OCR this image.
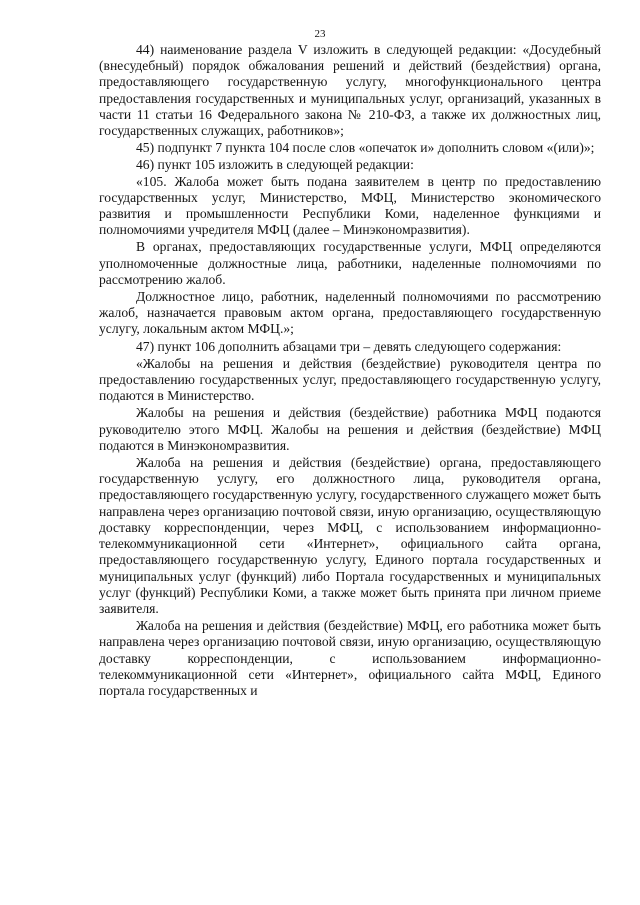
23

44) наименование раздела V изложить в следующей редакции: «Досудебный (внесудебный) порядок обжалования решений и действий (бездействия) органа, предоставляющего государственную услугу, многофункционального центра предоставления государственных и муниципальных услуг, организаций, указанных в части 11 статьи 16 Федерального закона № 210-ФЗ, а также их должностных лиц, государственных служащих, работников»;

45) подпункт 7 пункта 104 после слов «опечаток и» дополнить словом «(или)»;

46) пункт 105 изложить в следующей редакции:

«105. Жалоба может быть подана заявителем в центр по предоставлению государственных услуг, Министерство, МФЦ, Министерство экономического развития и промышленности Республики Коми, наделенное функциями и полномочиями учредителя МФЦ (далее – Минэкономразвития).

В органах, предоставляющих государственные услуги, МФЦ определяются уполномоченные должностные лица, работники, наделенные полномочиями по рассмотрению жалоб.

Должностное лицо, работник, наделенный полномочиями по рассмотрению жалоб, назначается правовым актом органа, предоставляющего государственную услугу, локальным актом МФЦ.»;

47) пункт 106 дополнить абзацами три – девять следующего содержания:

«Жалобы на решения и действия (бездействие) руководителя центра по предоставлению государственных услуг, предоставляющего государственную услугу, подаются в Министерство.

Жалобы на решения и действия (бездействие) работника МФЦ подаются руководителю этого МФЦ. Жалобы на решения и действия (бездействие) МФЦ подаются в Минэкономразвития.

Жалоба на решения и действия (бездействие) органа, предоставляющего государственную услугу, его должностного лица, руководителя органа, предоставляющего государственную услугу, государственного служащего может быть направлена через организацию почтовой связи, иную организацию, осуществляющую доставку корреспонденции, через МФЦ, с использованием информационно-телекоммуникационной сети «Интернет», официального сайта органа, предоставляющего государственную услугу, Единого портала государственных и муниципальных услуг (функций) либо Портала государственных и муниципальных услуг (функций) Республики Коми, а также может быть принята при личном приеме заявителя.

Жалоба на решения и действия (бездействие) МФЦ, его работника может быть направлена через организацию почтовой связи, иную организацию, осуществляющую доставку корреспонденции, с использованием информационно-телекоммуникационной сети «Интернет», официального сайта МФЦ, Единого портала государственных и
